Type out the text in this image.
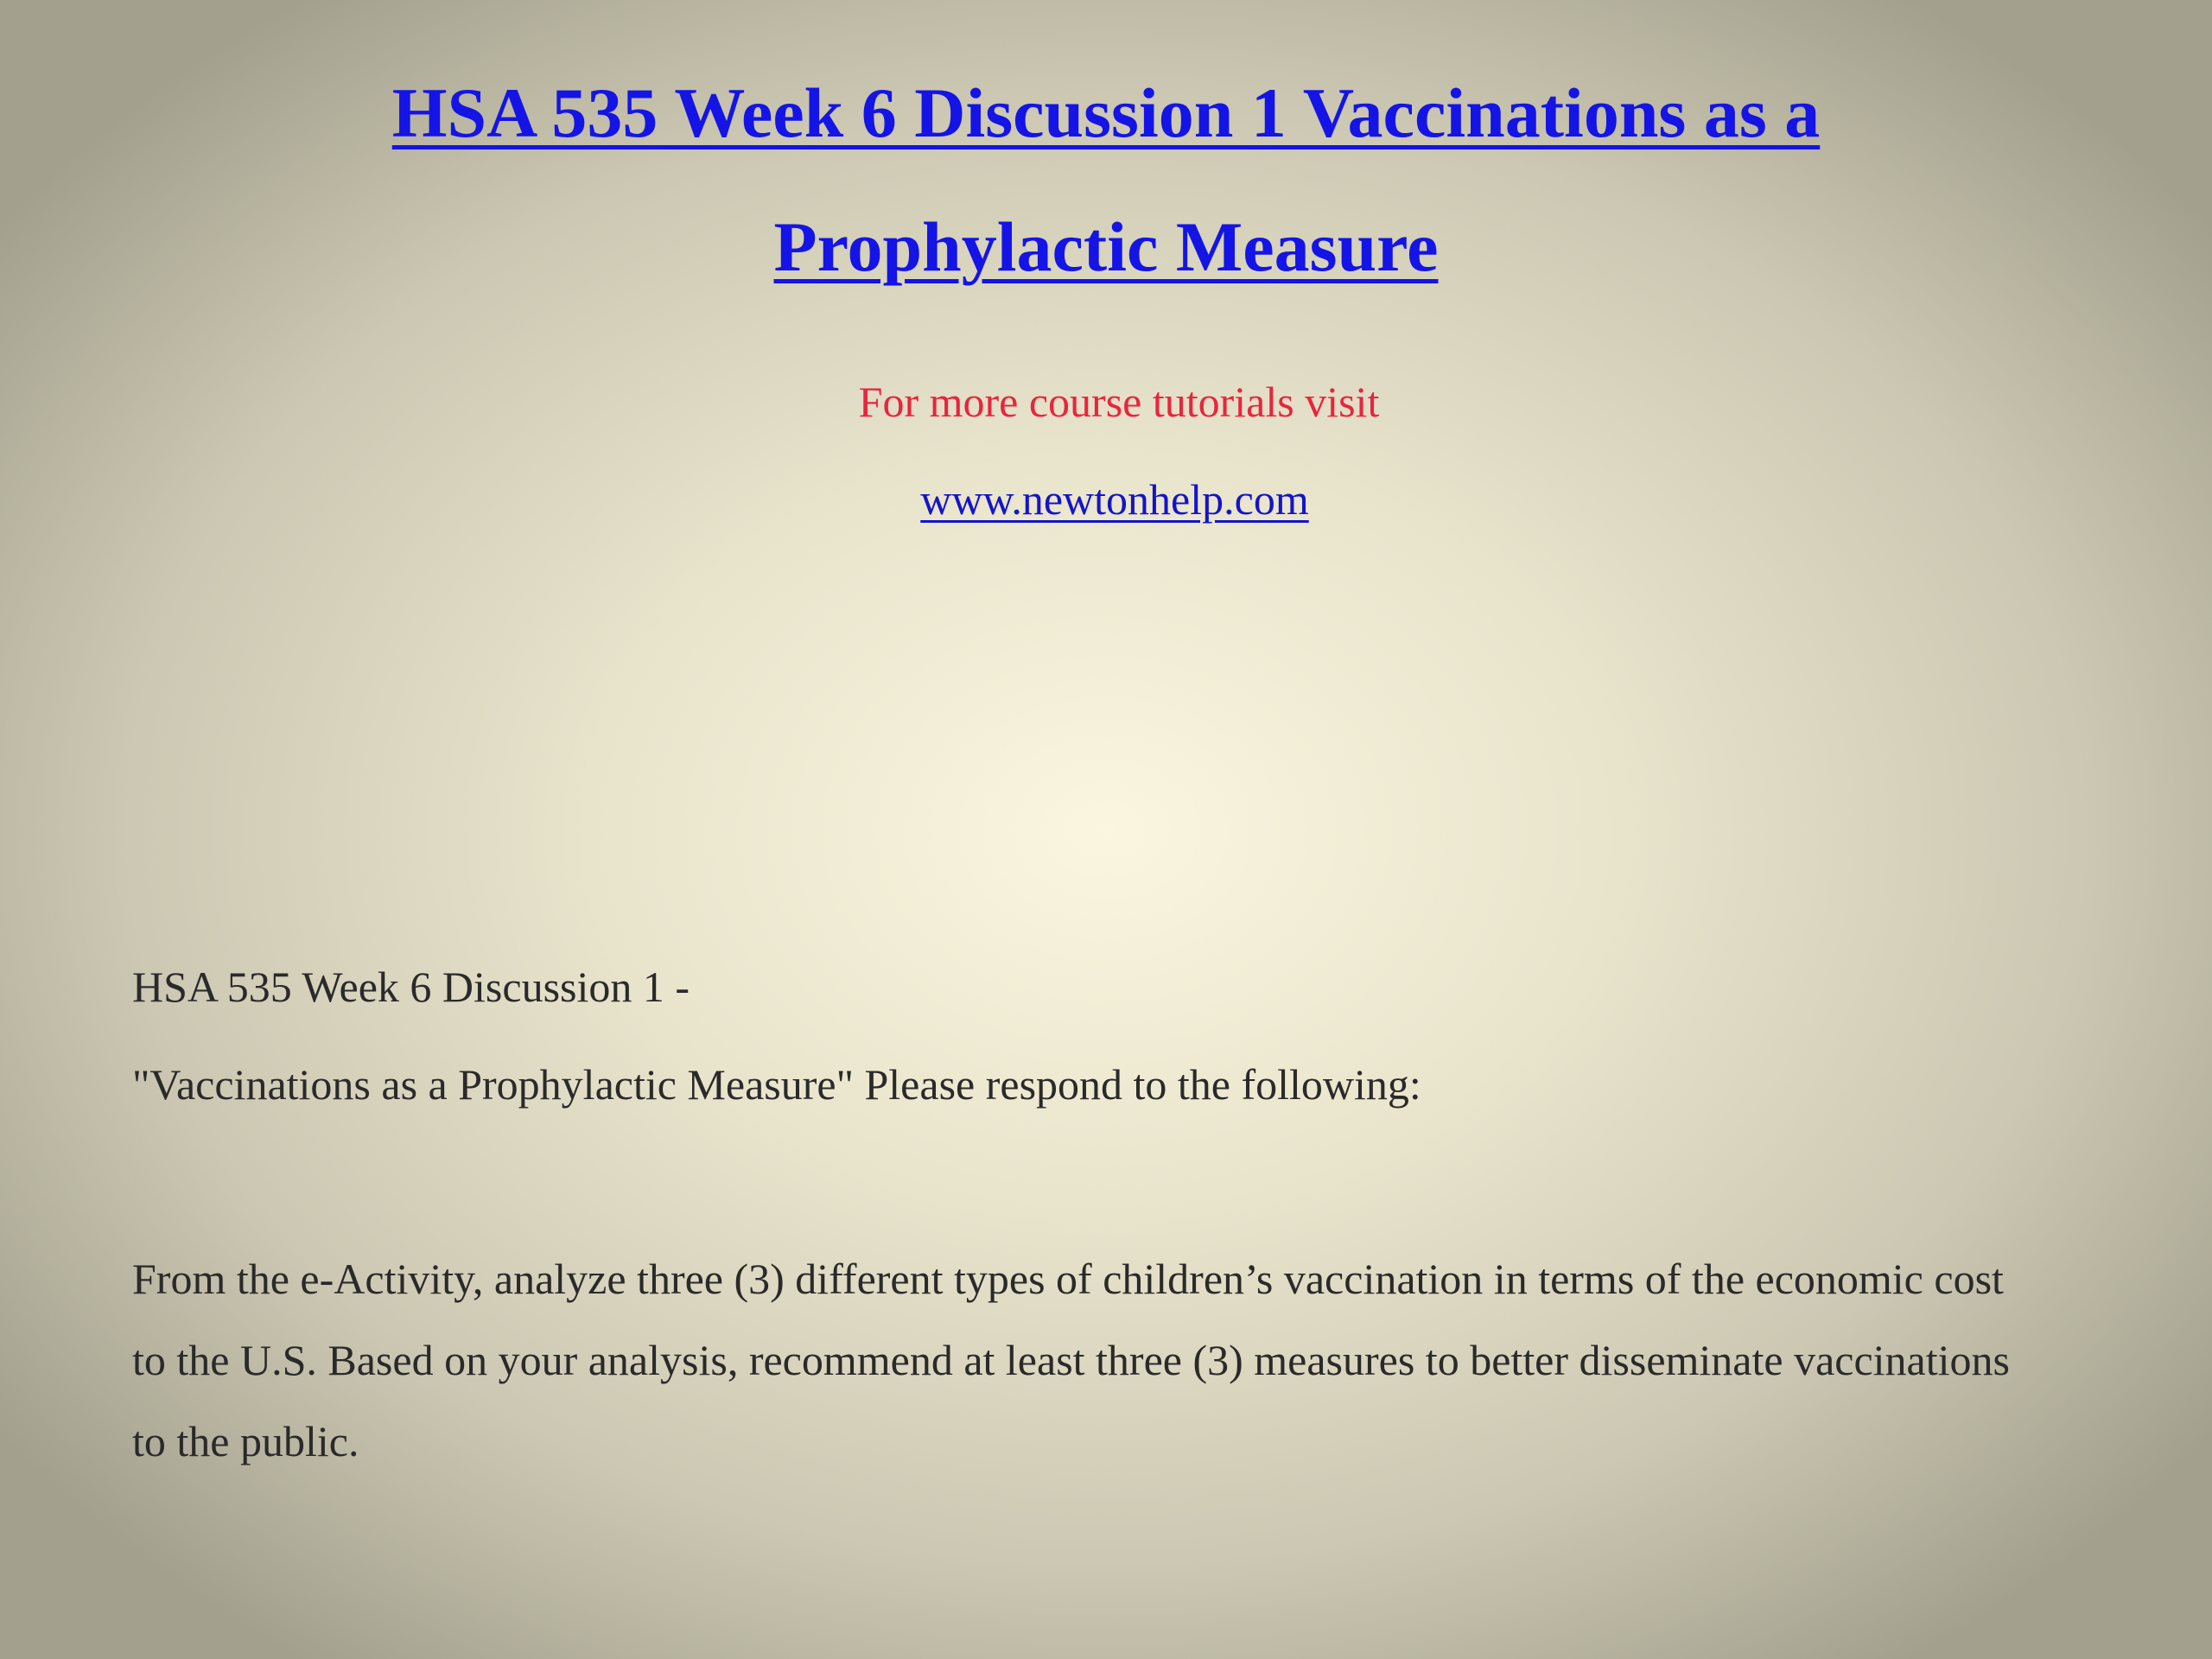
HSA 535 Week 6 Discussion 1 Vaccinations as a
Prophylactic Measure
For more course tutorials visit
www.newtonhelp.com
HSA 535 Week 6 Discussion 1 -
"Vaccinations as a Prophylactic Measure" Please respond to the following:
From the e-Activity, analyze three (3) different types of children’s vaccination in terms of the economic cost
to the U.S. Based on your analysis, recommend at least three (3) measures to better disseminate vaccinations
to the public.
